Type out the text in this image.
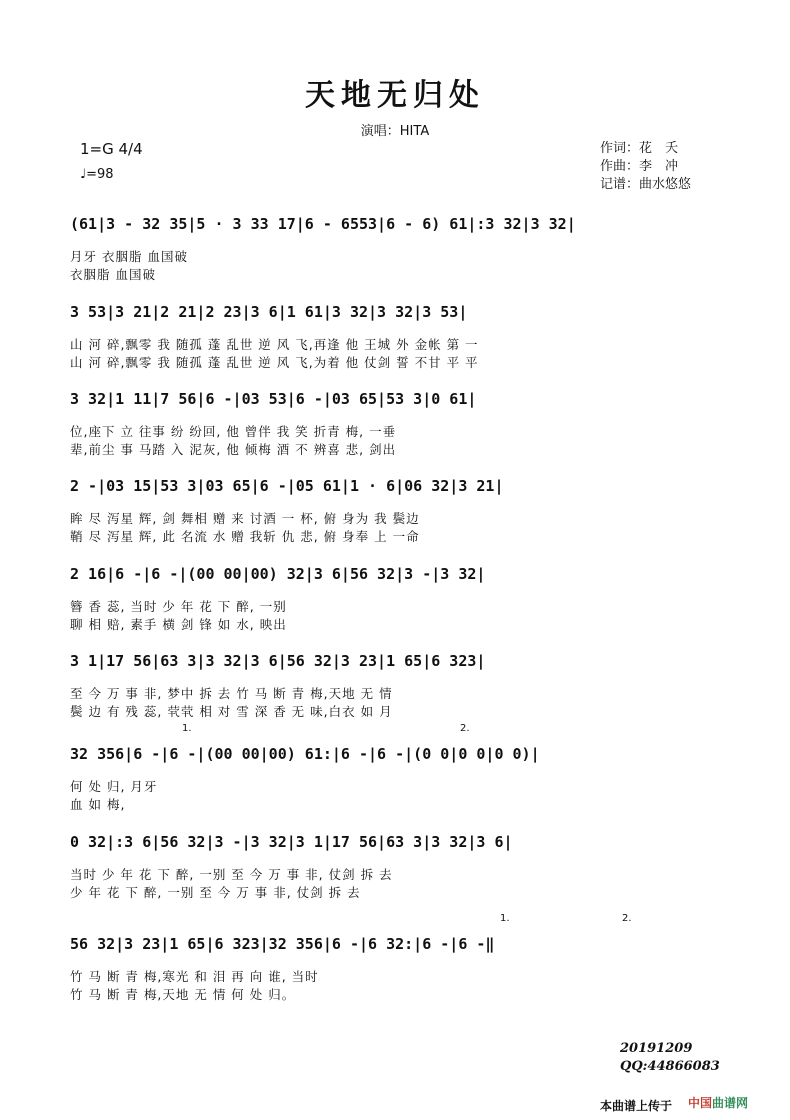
天地无归处
演唱：HITA
1=G 4/4
♩=98
作词：花　夭
作曲：李　冲
记谱：曲水悠悠
(61|3 - 32 35|5 · 3 33 17|6 - 6553|6 - 6) 61|:3 32|3 32|
月牙 衣胭脂 血国破
衣胭脂 血国破
3 53|3 21|2 21|2 23|3 6|1 61|3 32|3 32|3 53|
山 河 碎,飘零 我 随孤 蓬 乱世 逆 风 飞,再逢 他 王城 外 金帐 第 一
山 河 碎,飘零 我 随孤 蓬 乱世 逆 风 飞,为着 他 仗剑 誓 不甘 平 平
3 32|1 11|7 56|6 -|03 53|6 -|03 65|53 3|0 61|
位,座下 立 往事 纷 纷回, 他 曾伴 我 笑 折青 梅, 一垂
辈,前尘 事 马踏 入 泥灰, 他 倾梅 酒 不 辨喜 悲, 剑出
2 -|03 15|53 3|03 65|6 -|05 61|1 · 6|06 32|3 21|
眸 尽 泻星 辉, 剑 舞相 赠 来 讨酒 一 杯, 俯 身为 我 鬓边
鞘 尽 泻星 辉, 此 名流 水 赠 我斩 仇 悲, 俯 身奉 上 一命
2 16|6 -|6 -|(00 00|00) 32|3 6|56 32|3 -|3 32|
簪 香 蕊, 当时 少 年 花 下 醉, 一别
聊 相 赔, 素手 横 剑 锋 如 水, 映出
3 1|17 56|63 3|3 32|3 6|56 32|3 23|1 65|6 323|
至 今 万 事 非, 梦中 拆 去 竹 马 断 青 梅,天地 无 情
鬓 边 有 残 蕊, 茕茕 相 对 雪 深 香 无 味,白衣 如 月
1.	2.
32 356|6 -|6 -|(00 00|00) 61:|6 -|6 -|(0 0|0 0|0 0)|
何 处 归, 月牙
血 如 梅,
0 32|:3 6|56 32|3 -|3 32|3 1|17 56|63 3|3 32|3 6|
当时 少 年 花 下 醉, 一别 至 今 万 事 非, 仗剑 拆 去
少 年 花 下 醉, 一别 至 今 万 事 非, 仗剑 拆 去
1.	2.
56 32|3 23|1 65|6 323|32 356|6 -|6 32:|6 -|6 -‖
竹 马 断 青 梅,寒光 和 泪 再 向 谁, 当时
竹 马 断 青 梅,天地 无 情 何 处 归。
20191209
QQ:44866083
本曲谱上传于 中国曲谱网
